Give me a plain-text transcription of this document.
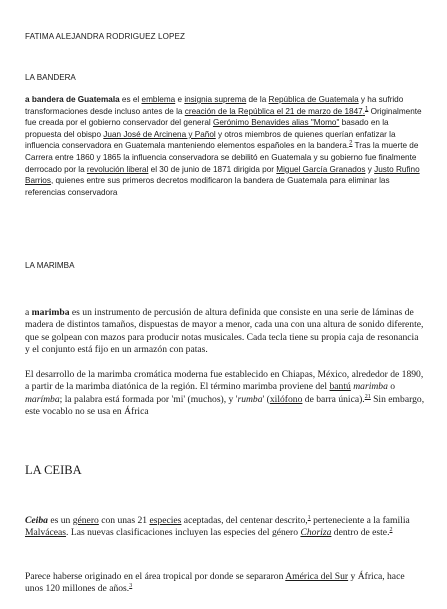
FATIMA ALEJANDRA RODRIGUEZ LOPEZ

LA BANDERA

a bandera de Guatemala es el emblema e insignia suprema de la República de Guatemala y ha sufrido transformaciones desde incluso antes de la creación de la República el 21 de marzo de 1847.$^1$ Originalmente fue creada por el gobierno conservador del general Gerónimo Benavides alias "Momo" basado en la propuesta del obispo Juan José de Arcinena y Pañol y otros miembros de quienes querían enfatizar la influencia conservadora en Guatemala manteniendo elementos españoles en la bandera.$^2$ Tras la muerte de Carrera entre 1860 y 1865 la influencia conservadora se debilitó en Guatemala y su gobierno fue finalmente derrocado por la revolución liberal el 30 de junio de 1871 dirigida por Miguel García Granados y Justo Rufino Barrios, quienes entre sus primeros decretos modificaron la bandera de Guatemala para eliminar las referencias conservadora

LA MARIMBA

a marimba es un instrumento de percusión de altura definida que consiste en una serie de láminas de madera de distintos tamaños, dispuestas de mayor a menor, cada una con una altura de sonido diferente, que se golpean con mazos para producir notas musicales. Cada tecla tiene su propia caja de resonancia y el conjunto está fijo en un armazón con patas.

El desarrollo de la marimba cromática moderna fue establecido en Chiapas, México, alrededor de 1890, a partir de la marimba diatónica de la región. El término marimba proviene del bantú marimba o marímba; la palabra está formada por 'mi' (muchos), y 'rumba' (xilófono de barra única).$^{21}$ Sin embargo, este vocablo no se usa en África

LA CEIBA

Ceiba es un género con unas 21 especies aceptadas, del centenar descrito,$^1$ perteneciente a la familia Malváceas. Las nuevas clasificaciones incluyen las especies del género Choriza dentro de este.$^2$

Parece haberse originado en el área tropical por donde se separaron América del Sur y África, hace unos 120 millones de años.$^3$
